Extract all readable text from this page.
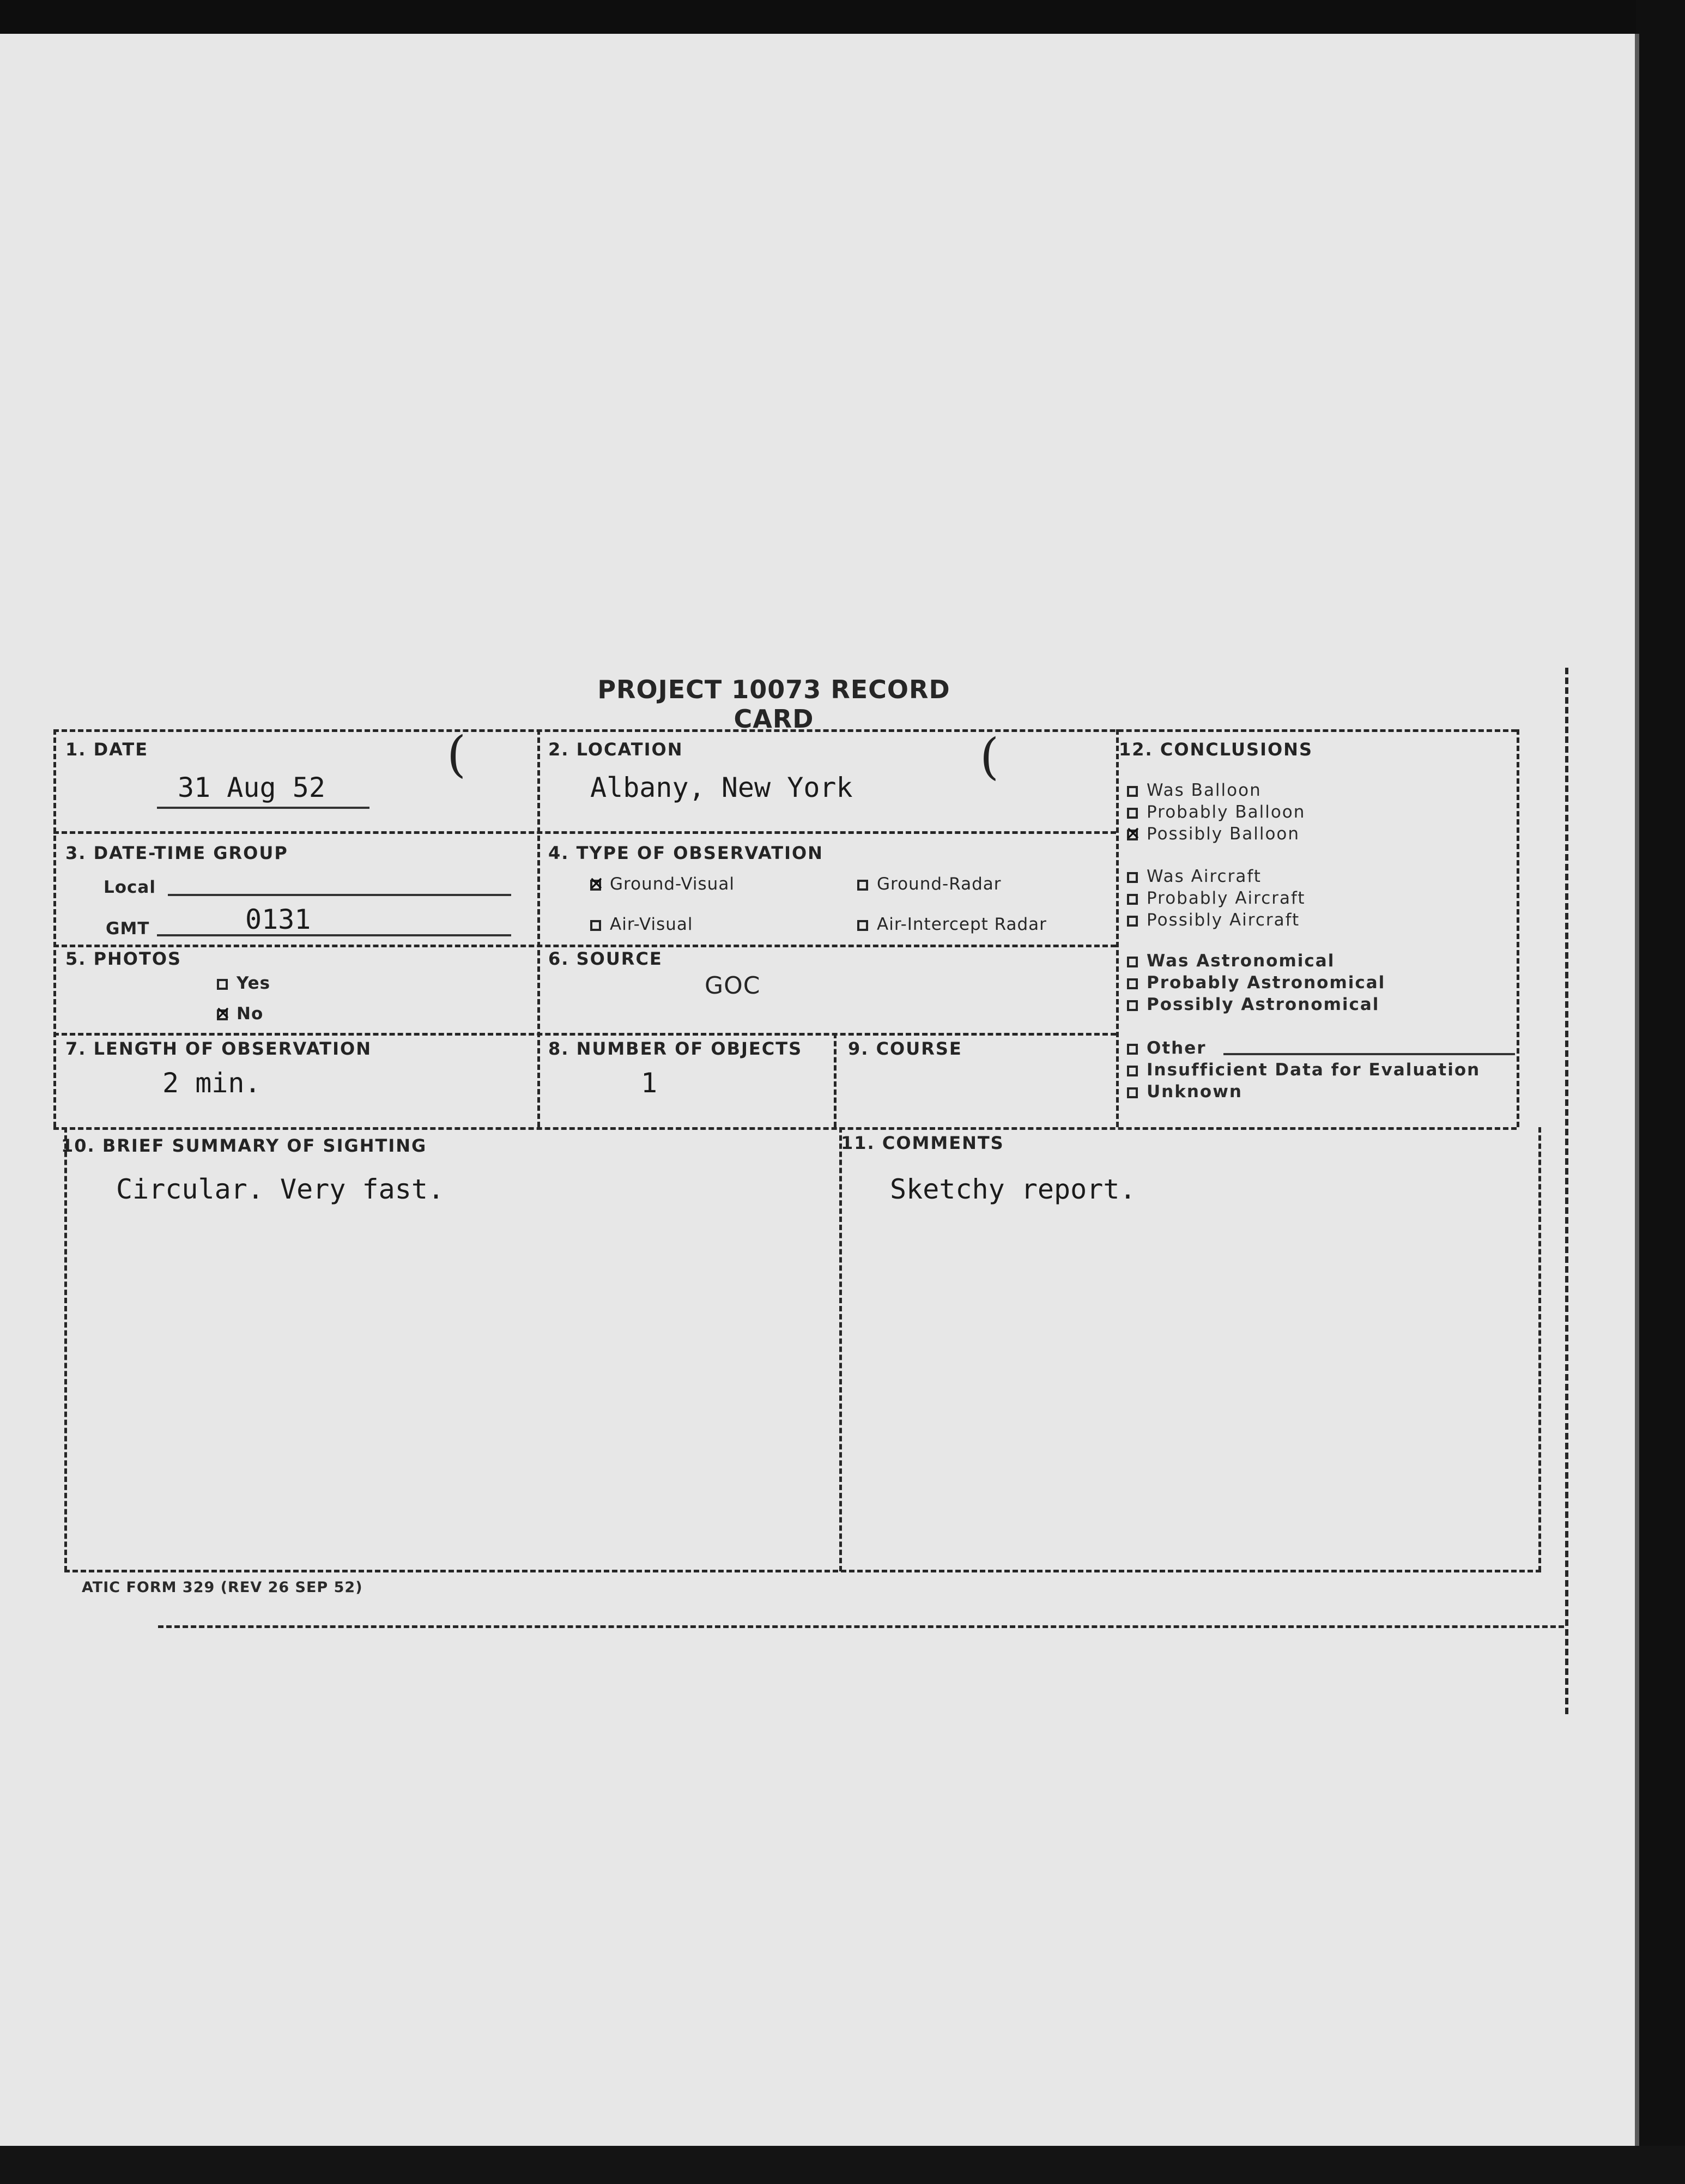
PROJECT 10073 RECORD CARD
1. DATE
31 Aug 52
(	2. LOCATION
Albany, New York
(
3. DATE-TIME GROUP
Local
GMT	0131
4. TYPE OF OBSERVATION
✕Ground-Visual	Ground-Radar
Air-Visual	Air-Intercept Radar
5. PHOTOS
Yes
✕No
6. SOURCE
GOC
7. LENGTH OF OBSERVATION
2 min.
8. NUMBER OF OBJECTS
1
9. COURSE
10. BRIEF SUMMARY OF SIGHTING
Circular. Very fast.
11. COMMENTS
Sketchy report.
12. CONCLUSIONS
Was Balloon
Probably Balloon
✕Possibly Balloon
Was Aircraft
Probably Aircraft
Possibly Aircraft
Was Astronomical
Probably Astronomical
Possibly Astronomical
Other
Insufficient Data for Evaluation
Unknown
ATIC FORM 329 (REV 26 SEP 52)
